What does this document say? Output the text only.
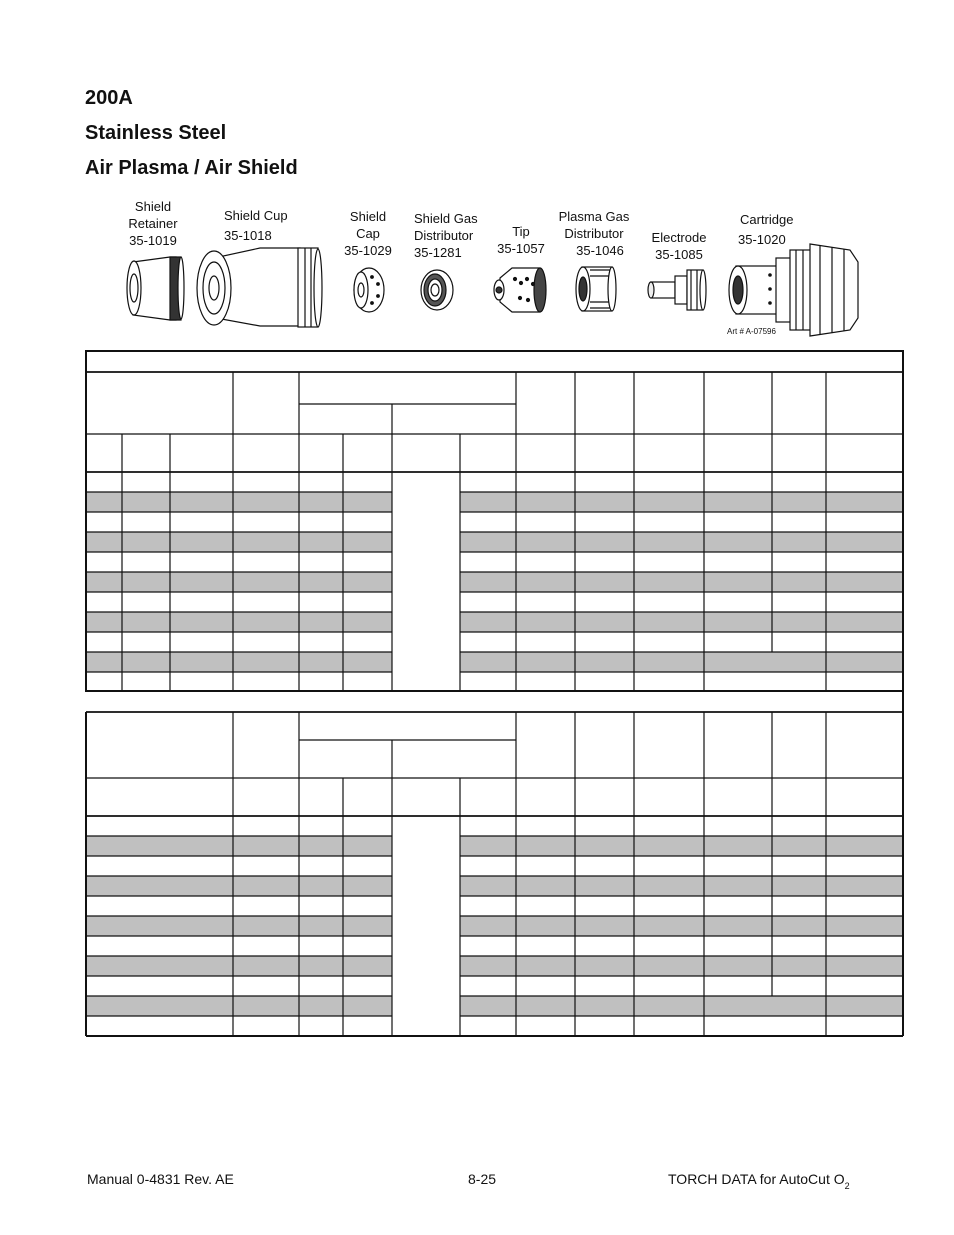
200A
Stainless Steel
Air Plasma / Air Shield
Shield
Retainer
35-1019
Shield Cup
35-1018
Shield
Cap
35-1029
Shield Gas
Distributor
35-1281
Tip
35-1057
Plasma Gas
Distributor
35-1046
Electrode
35-1085
Cartridge
35-1020
Art # A-07596
Manual 0-4831 Rev. AE	8-25	TORCH DATA for AutoCut $O_2$
